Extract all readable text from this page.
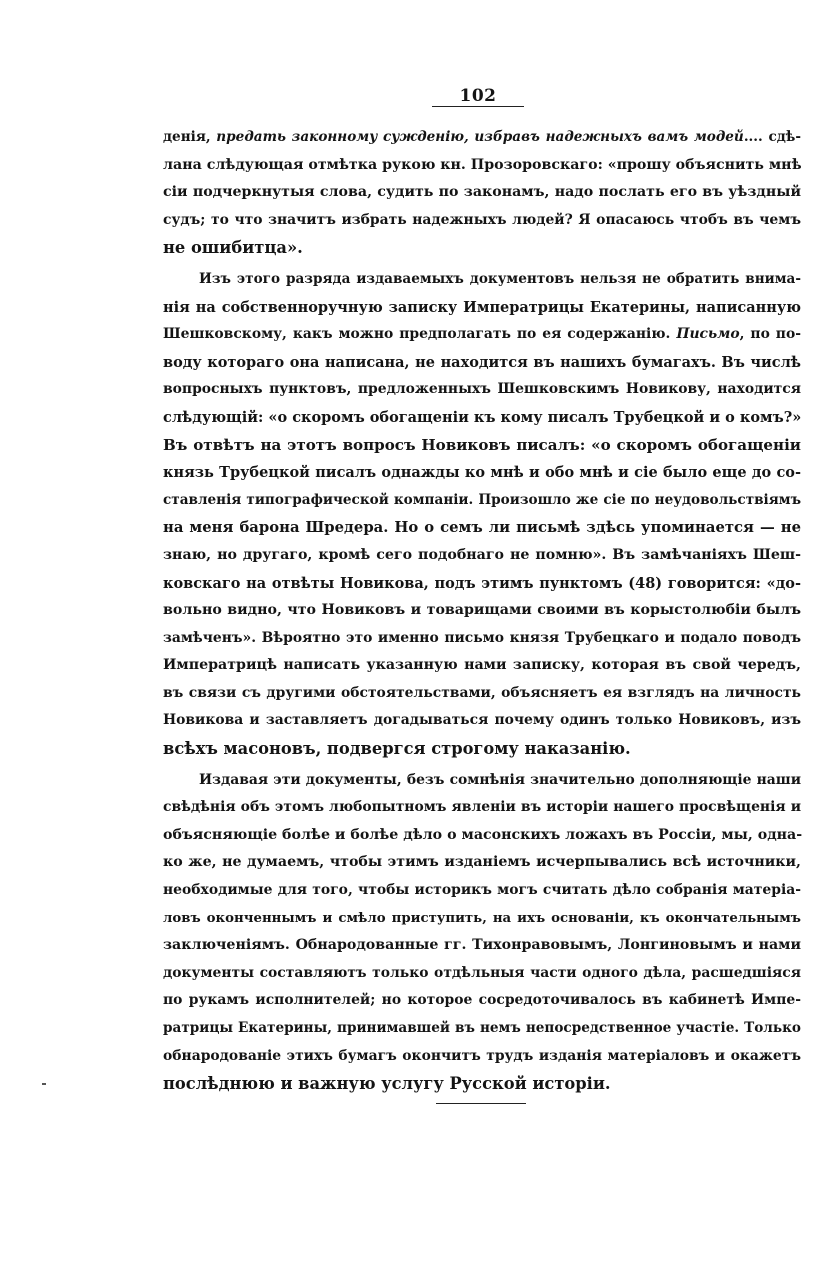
102
денія, предать законному сужденію, избравъ надежныхъ вамъ модей.... сдѣ-
лана слѣдующая отмѣтка рукою кн. Прозоровскаго: «прошу объяснить мнѣ
сіи подчеркнутыя слова, судить по законамъ, надо послать его въ уѣздный
судъ; то что значитъ избрать надежныхъ людей? Я опасаюсь чтобъ въ чемъ
не ошибитца».
Изъ этого разряда издаваемыхъ документовъ нельзя не обратить внима-
нія на собственноручную записку Императрицы Екатерины, написанную
Шешковскому, какъ можно предполагать по ея содержанію. Письмо, по по-
воду котораго она написана, не находится въ нашихъ бумагахъ. Въ числѣ
вопросныхъ пунктовъ, предложенныхъ Шешковскимъ Новикову, находится
слѣдующій: «о скоромъ обогащеніи къ кому писалъ Трубецкой и о комъ?»
Въ отвѣтъ на этотъ вопросъ Новиковъ писалъ: «о скоромъ обогащеніи
князь Трубецкой писалъ однажды ко мнѣ и обо мнѣ и сіе было еще до со-
ставленія типографической компаніи. Произошло же сіе по неудовольствіямъ
на меня барона Шредера. Но о семъ ли письмѣ здѣсь упоминается — не
знаю, но другаго, кромѣ сего подобнаго не помню». Въ замѣчаніяхъ Шеш-
ковскаго на отвѣты Новикова, подъ этимъ пунктомъ (48) говорится: «до-
вольно видно, что Новиковъ и товарищами своими въ корыстолюбіи былъ
замѣченъ». Вѣроятно это именно письмо князя Трубецкаго и подало поводъ
Императрицѣ написать указанную нами записку, которая въ свой чередъ,
въ связи съ другими обстоятельствами, объясняетъ ея взглядъ на личность
Новикова и заставляетъ догадываться почему одинъ только Новиковъ, изъ
всѣхъ масоновъ, подвергся строгому наказанію.
Издавая эти документы, безъ сомнѣнія значительно дополняющіе наши
свѣдѣнія объ этомъ любопытномъ явленіи въ исторіи нашего просвѣщенія и
объясняющіе болѣе и болѣе дѣло о масонскихъ ложахъ въ Россіи, мы, одна-
ко же, не думаемъ, чтобы этимъ изданіемъ исчерпывались всѣ источники,
необходимые для того, чтобы историкъ могъ считать дѣло собранія матеріа-
ловъ оконченнымъ и смѣло приступить, на ихъ основаніи, къ окончательнымъ
заключеніямъ. Обнародованные гг. Тихонравовымъ, Лонгиновымъ и нами
документы составляютъ только отдѣльныя части одного дѣла, расшедшіяся
по рукамъ исполнителей; но которое сосредоточивалось въ кабинетѣ Импе-
ратрицы Екатерины, принимавшей въ немъ непосредственное участіе. Только
обнародованіе этихъ бумагъ окончитъ трудъ изданія матеріаловъ и окажетъ
послѣднюю и важную услугу Русской исторіи.
